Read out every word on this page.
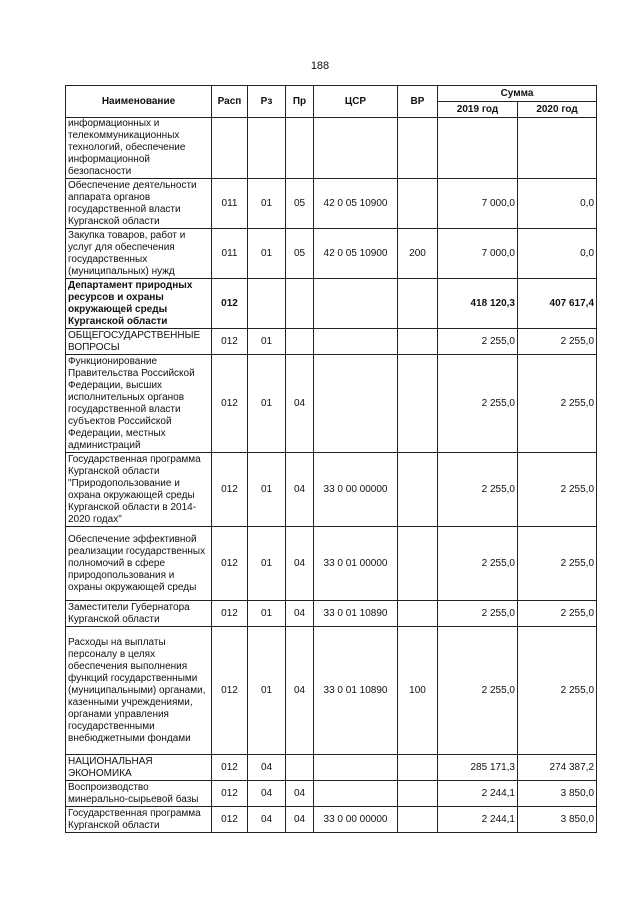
188
Наименование	Расп	Рз	Пр	ЦСР	ВР	Сумма	
						2019 год	2020 год
информационных и телекоммуникационных технологий, обеспечение информационной безопасности							
Обеспечение деятельности аппарата органов государственной власти Курганской области	011	01	05	42 0 05 10900		7 000,0	0,0
Закупка товаров, работ и услуг для обеспечения государственных (муниципальных) нужд	011	01	05	42 0 05 10900	200	7 000,0	0,0
Департамент природных ресурсов и охраны окружающей среды Курганской области	012					418 120,3	407 617,4
ОБЩЕГОСУДАРСТВЕННЫЕ ВОПРОСЫ	012	01				2 255,0	2 255,0
Функционирование Правительства Российской Федерации, высших исполнительных органов государственной власти субъектов Российской Федерации, местных администраций	012	01	04			2 255,0	2 255,0
Государственная программа Курганской области "Природопользование и охрана окружающей среды Курганской области в 2014-2020 годах"	012	01	04	33 0 00 00000		2 255,0	2 255,0
Обеспечение эффективной реализации государственных полномочий в сфере природопользования и охраны окружающей среды	012	01	04	33 0 01 00000		2 255,0	2 255,0
Заместители Губернатора Курганской области	012	01	04	33 0 01 10890		2 255,0	2 255,0
Расходы на выплаты персоналу в целях обеспечения выполнения функций государственными (муниципальными) органами, казенными учреждениями, органами управления государственными внебюджетными фондами	012	01	04	33 0 01 10890	100	2 255,0	2 255,0
НАЦИОНАЛЬНАЯ ЭКОНОМИКА	012	04				285 171,3	274 387,2
Воспроизводство минерально-сырьевой базы	012	04	04			2 244,1	3 850,0
Государственная программа Курганской области	012	04	04	33 0 00 00000		2 244,1	3 850,0
